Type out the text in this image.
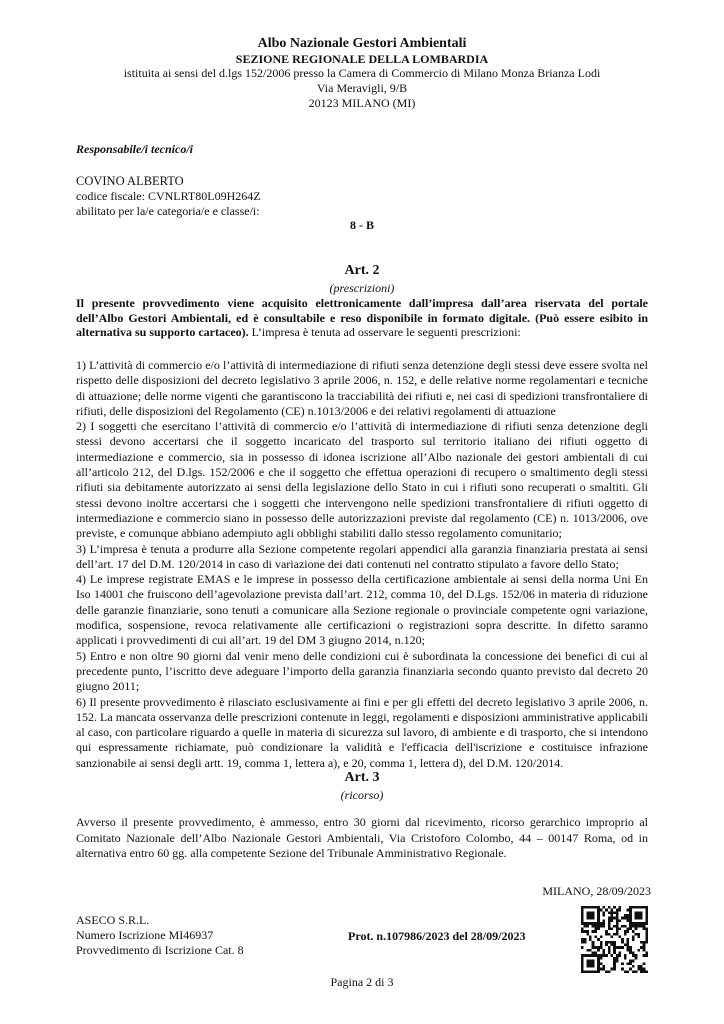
Albo Nazionale Gestori Ambientali
SEZIONE REGIONALE DELLA LOMBARDIA
istituita ai sensi del d.lgs 152/2006 presso la Camera di Commercio di Milano Monza Brianza Lodi
Via Meravigli, 9/B
20123 MILANO (MI)
Responsabile/i tecnico/i
COVINO ALBERTO
codice fiscale: CVNLRT80L09H264Z
abilitato per la/e categoria/e e classe/i:
8 - B
Art. 2
(prescrizioni)
Il presente provvedimento viene acquisito elettronicamente dall’impresa dall’area riservata del portale dell’Albo Gestori Ambientali, ed è consultabile e reso disponibile in formato digitale. (Può essere esibito in alternativa su supporto cartaceo). L’impresa è tenuta ad osservare le seguenti prescrizioni:

1) L’attività di commercio e/o l’attività di intermediazione di rifiuti senza detenzione degli stessi deve essere svolta nel rispetto delle disposizioni del decreto legislativo 3 aprile 2006, n. 152, e delle relative norme regolamentari e tecniche di attuazione; delle norme vigenti che garantiscono la tracciabilità dei rifiuti e, nei casi di spedizioni transfrontaliere di rifiuti, delle disposizioni del Regolamento (CE) n.1013/2006 e dei relativi regolamenti di attuazione

2) I soggetti che esercitano l’attività di commercio e/o l’attività di intermediazione di rifiuti senza detenzione degli stessi devono accertarsi che il soggetto incaricato del trasporto sul territorio italiano dei rifiuti oggetto di intermediazione e commercio, sia in possesso di idonea iscrizione all’Albo nazionale dei gestori ambientali di cui all’articolo 212, del D.lgs. 152/2006 e che il soggetto che effettua operazioni di recupero o smaltimento degli stessi rifiuti sia debitamente autorizzato ai sensi della legislazione dello Stato in cui i rifiuti sono recuperati o smaltiti. Gli stessi devono inoltre accertarsi che i soggetti che intervengono nelle spedizioni transfrontaliere di rifiuti oggetto di intermediazione e commercio siano in possesso delle autorizzazioni previste dal regolamento (CE) n. 1013/2006, ove previste, e comunque abbiano adempiuto agli obblighi stabiliti dallo stesso regolamento comunitario;

3) L’impresa è tenuta a produrre alla Sezione competente regolari appendici alla garanzia finanziaria prestata ai sensi dell’art. 17 del D.M. 120/2014 in caso di variazione dei dati contenuti nel contratto stipulato a favore dello Stato;

4) Le imprese registrate EMAS e le imprese in possesso della certificazione ambientale ai sensi della norma Uni En Iso 14001 che fruiscono dell’agevolazione prevista dall’art. 212, comma 10, del D.Lgs. 152/06 in materia di riduzione delle garanzie finanziarie, sono tenuti a comunicare alla Sezione regionale o provinciale competente ogni variazione, modifica, sospensione, revoca relativamente alle certificazioni o registrazioni sopra descritte. In difetto saranno applicati i provvedimenti di cui all’art. 19 del DM 3 giugno 2014, n.120;

5) Entro e non oltre 90 giorni dal venir meno delle condizioni cui è subordinata la concessione dei benefici di cui al precedente punto, l’iscritto deve adeguare l’importo della garanzia finanziaria secondo quanto previsto dal decreto 20 giugno 2011;

6) Il presente provvedimento è rilasciato esclusivamente ai fini e per gli effetti del decreto legislativo 3 aprile 2006, n. 152. La mancata osservanza delle prescrizioni contenute in leggi, regolamenti e disposizioni amministrative applicabili al caso, con particolare riguardo a quelle in materia di sicurezza sul lavoro, di ambiente e di trasporto, che si intendono qui espressamente richiamate, può condizionare la validità e l'efficacia dell'iscrizione e costituisce infrazione sanzionabile ai sensi degli artt. 19, comma 1, lettera a), e 20, comma 1, lettera d), del D.M. 120/2014.

Art. 3
(ricorso)
Avverso il presente provvedimento, è ammesso, entro 30 giorni dal ricevimento, ricorso gerarchico improprio al Comitato Nazionale dell’Albo Nazionale Gestori Ambientali, Via Cristoforo Colombo, 44 – 00147 Roma, od in alternativa entro 60 gg. alla competente Sezione del Tribunale Amministrativo Regionale.
MILANO, 28/09/2023
ASECO S.R.L.
Numero Iscrizione MI46937
Provvedimento di Iscrizione Cat. 8
Prot. n.107986/2023 del 28/09/2023
Pagina 2 di 3
